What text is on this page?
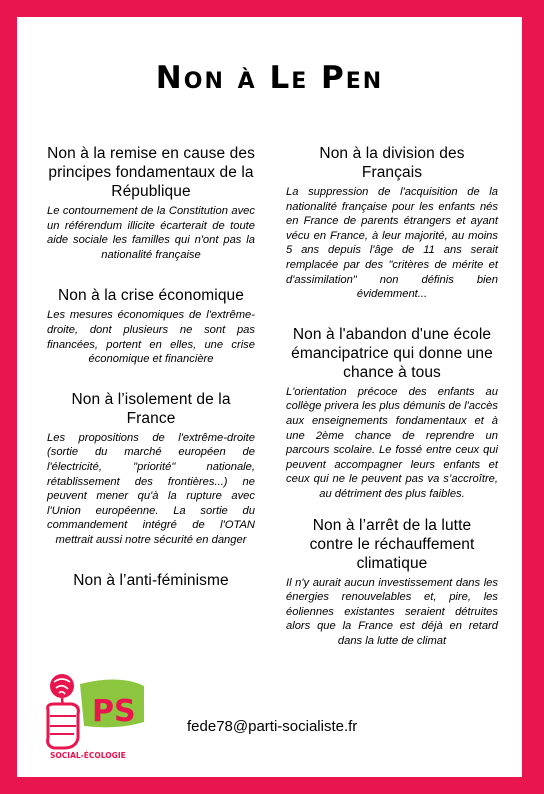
Non à Le Pen
Non à la remise en cause des principes fondamentaux de la République

Le contournement de la Constitution avec un référendum illicite écarterait de toute aide sociale les familles qui n'ont pas la nationalité française

Non à la crise économique

Les mesures économiques de l'extrême-droite, dont plusieurs ne sont pas financées, portent en elles, une crise économique et financière

Non à l’isolement de la France

Les propositions de l'extrême-droite (sortie du marché européen de l'électricité, "priorité" nationale, rétablissement des frontières...) ne peuvent mener qu'à la rupture avec l'Union européenne. La sortie du commandement intégré de l'OTAN mettrait aussi notre sécurité en danger

Non à l’anti-féminisme
Non à la division des Français

La suppression de l'acquisition de la nationalité française pour les enfants nés en France de parents étrangers et ayant vécu en France, à leur majorité, au moins 5 ans depuis l'âge de 11 ans serait remplacée par des "critères de mérite et d'assimilation" non définis bien évidemment...

Non à l'abandon d'une école émancipatrice qui donne une chance à tous

L'orientation précoce des enfants au collège privera les plus démunis de l'accès aux enseignements fondamentaux et à une 2ème chance de reprendre un parcours scolaire. Le fossé entre ceux qui peuvent accompagner leurs enfants et ceux qui ne le peuvent pas va s’accroître, au détriment des plus faibles.

Non à l’arrêt de la lutte contre le réchauffement climatique

Il n'y aurait aucun investissement dans les énergies renouvelables et, pire, les éoliennes existantes seraient détruites alors que la France est déjà en retard dans la lutte de climat

PS
SOCIAL-ÉCOLOGIE
fede78@parti-socialiste.fr
